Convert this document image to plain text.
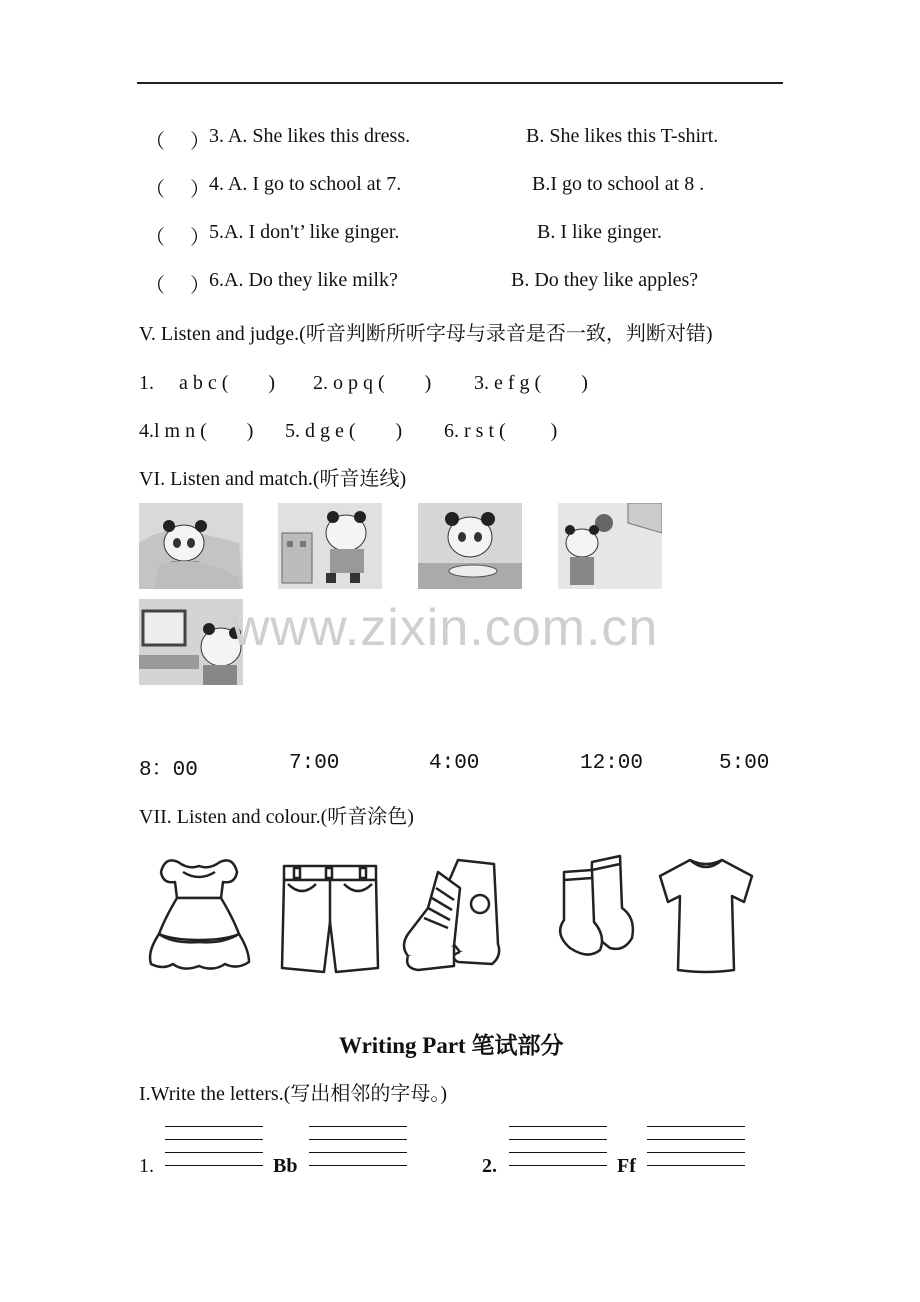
（　 ） 3. A. She likes this dress.	B. She likes this T-shirt.
（　 ） 4. A. I go to school at 7.	B.I go to school at 8 .
（　 ） 5.A. I don't’ like ginger.	B. I like ginger.
（　 ） 6.A. Do they like milk?	B. Do they like apples?
V. Listen and judge.(听音判断所听字母与录音是否一致，判断对错)
1.　 a b c (　　) 2. o p q (　　) 3. e f g (　　)
4.l m n (　　) 5. d g e (　　) 6. r s t (　　 )
VI. Listen and match.(听音连线)
www.zixin.com.cn
8：00	7:00	4:00	12:00	5:00
VII. Listen and colour.(听音涂色)
Writing Part 笔试部分
I.Write the letters.(写出相邻的字母。)
1.	Bb	2.	Ff
